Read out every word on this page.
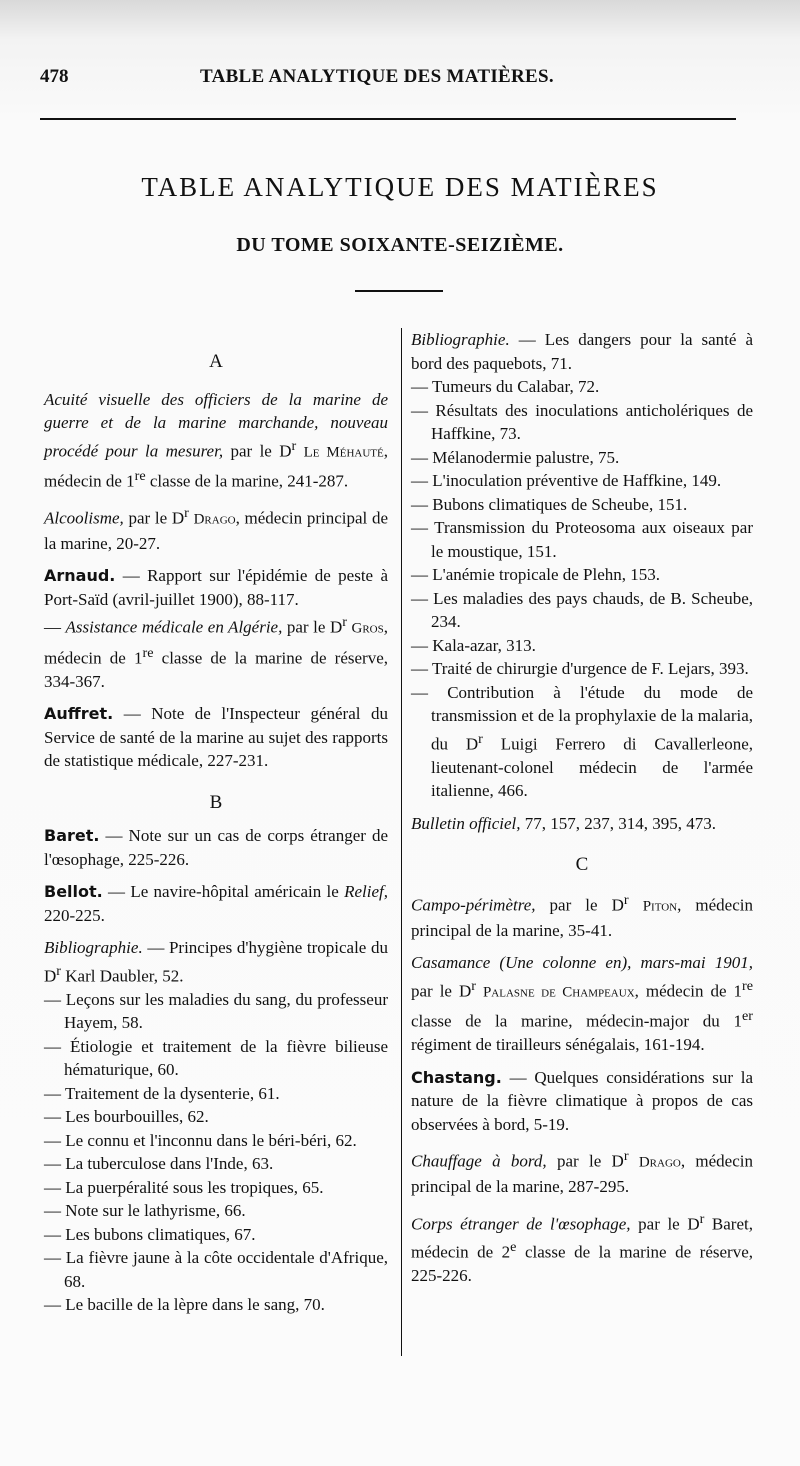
478	TABLE ANALYTIQUE DES MATIÈRES.
TABLE ANALYTIQUE DES MATIÈRES
DU TOME SOIXANTE-SEIZIÈME.

A

Acuité visuelle des officiers de la marine de guerre et de la marine marchande, nouveau procédé pour la mesurer, par le $D^r$ Le Méhauté, médecin de 1re classe de la marine, 241-287.

Alcoolisme, par le $D^r$ Drago, médecin principal de la marine, 20-27.

Arnaud. — Rapport sur l'épidémie de peste à Port-Saïd (avril-juillet 1900), 88-117.

— Assistance médicale en Algérie, par le $D^r$ Gros, médecin de 1re classe de la marine de réserve, 334-367.

Auffret. — Note de l'Inspecteur général du Service de santé de la marine au sujet des rapports de statistique médicale, 227-231.

B

Baret. — Note sur un cas de corps étranger de l'œsophage, 225-226.

Bellot. — Le navire-hôpital américain le Relief, 220-225.

Bibliographie. — Principes d'hygiène tropicale du $D^r$ Karl Daubler, 52.

— Leçons sur les maladies du sang, du professeur Hayem, 58.

— Étiologie et traitement de la fièvre bilieuse hématurique, 60.

— Traitement de la dysenterie, 61.

— Les bourbouilles, 62.

— Le connu et l'inconnu dans le béri-béri, 62.

— La tuberculose dans l'Inde, 63.

— La puerpéralité sous les tropiques, 65.

— Note sur le lathyrisme, 66.

— Les bubons climatiques, 67.

— La fièvre jaune à la côte occidentale d'Afrique, 68.

— Le bacille de la lèpre dans le sang, 70.

Bibliographie. — Les dangers pour la santé à bord des paquebots, 71.

— Tumeurs du Calabar, 72.

— Résultats des inoculations anticholériques de Haffkine, 73.

— Mélanodermie palustre, 75.

— L'inoculation préventive de Haffkine, 149.

— Bubons climatiques de Scheube, 151.

— Transmission du Proteosoma aux oiseaux par le moustique, 151.

— L'anémie tropicale de Plehn, 153.

— Les maladies des pays chauds, de B. Scheube, 234.

— Kala-azar, 313.

— Traité de chirurgie d'urgence de F. Lejars, 393.

— Contribution à l'étude du mode de transmission et de la prophylaxie de la malaria, du $D^r$ Luigi Ferrero di Cavallerleone, lieutenant-colonel médecin de l'armée italienne, 466.

Bulletin officiel, 77, 157, 237, 314, 395, 473.

C

Campo-périmètre, par le $D^r$ Piton, médecin principal de la marine, 35-41.

Casamance (Une colonne en), mars-mai 1901, par le $D^r$ Palasne de Champeaux, médecin de 1re classe de la marine, médecin-major du 1er régiment de tirailleurs sénégalais, 161-194.

Chastang. — Quelques considérations sur la nature de la fièvre climatique à propos de cas observées à bord, 5-19.

Chauffage à bord, par le $D^r$ Drago, médecin principal de la marine, 287-295.

Corps étranger de l'œsophage, par le $D^r$ Baret, médecin de 2e classe de la marine de réserve, 225-226.
